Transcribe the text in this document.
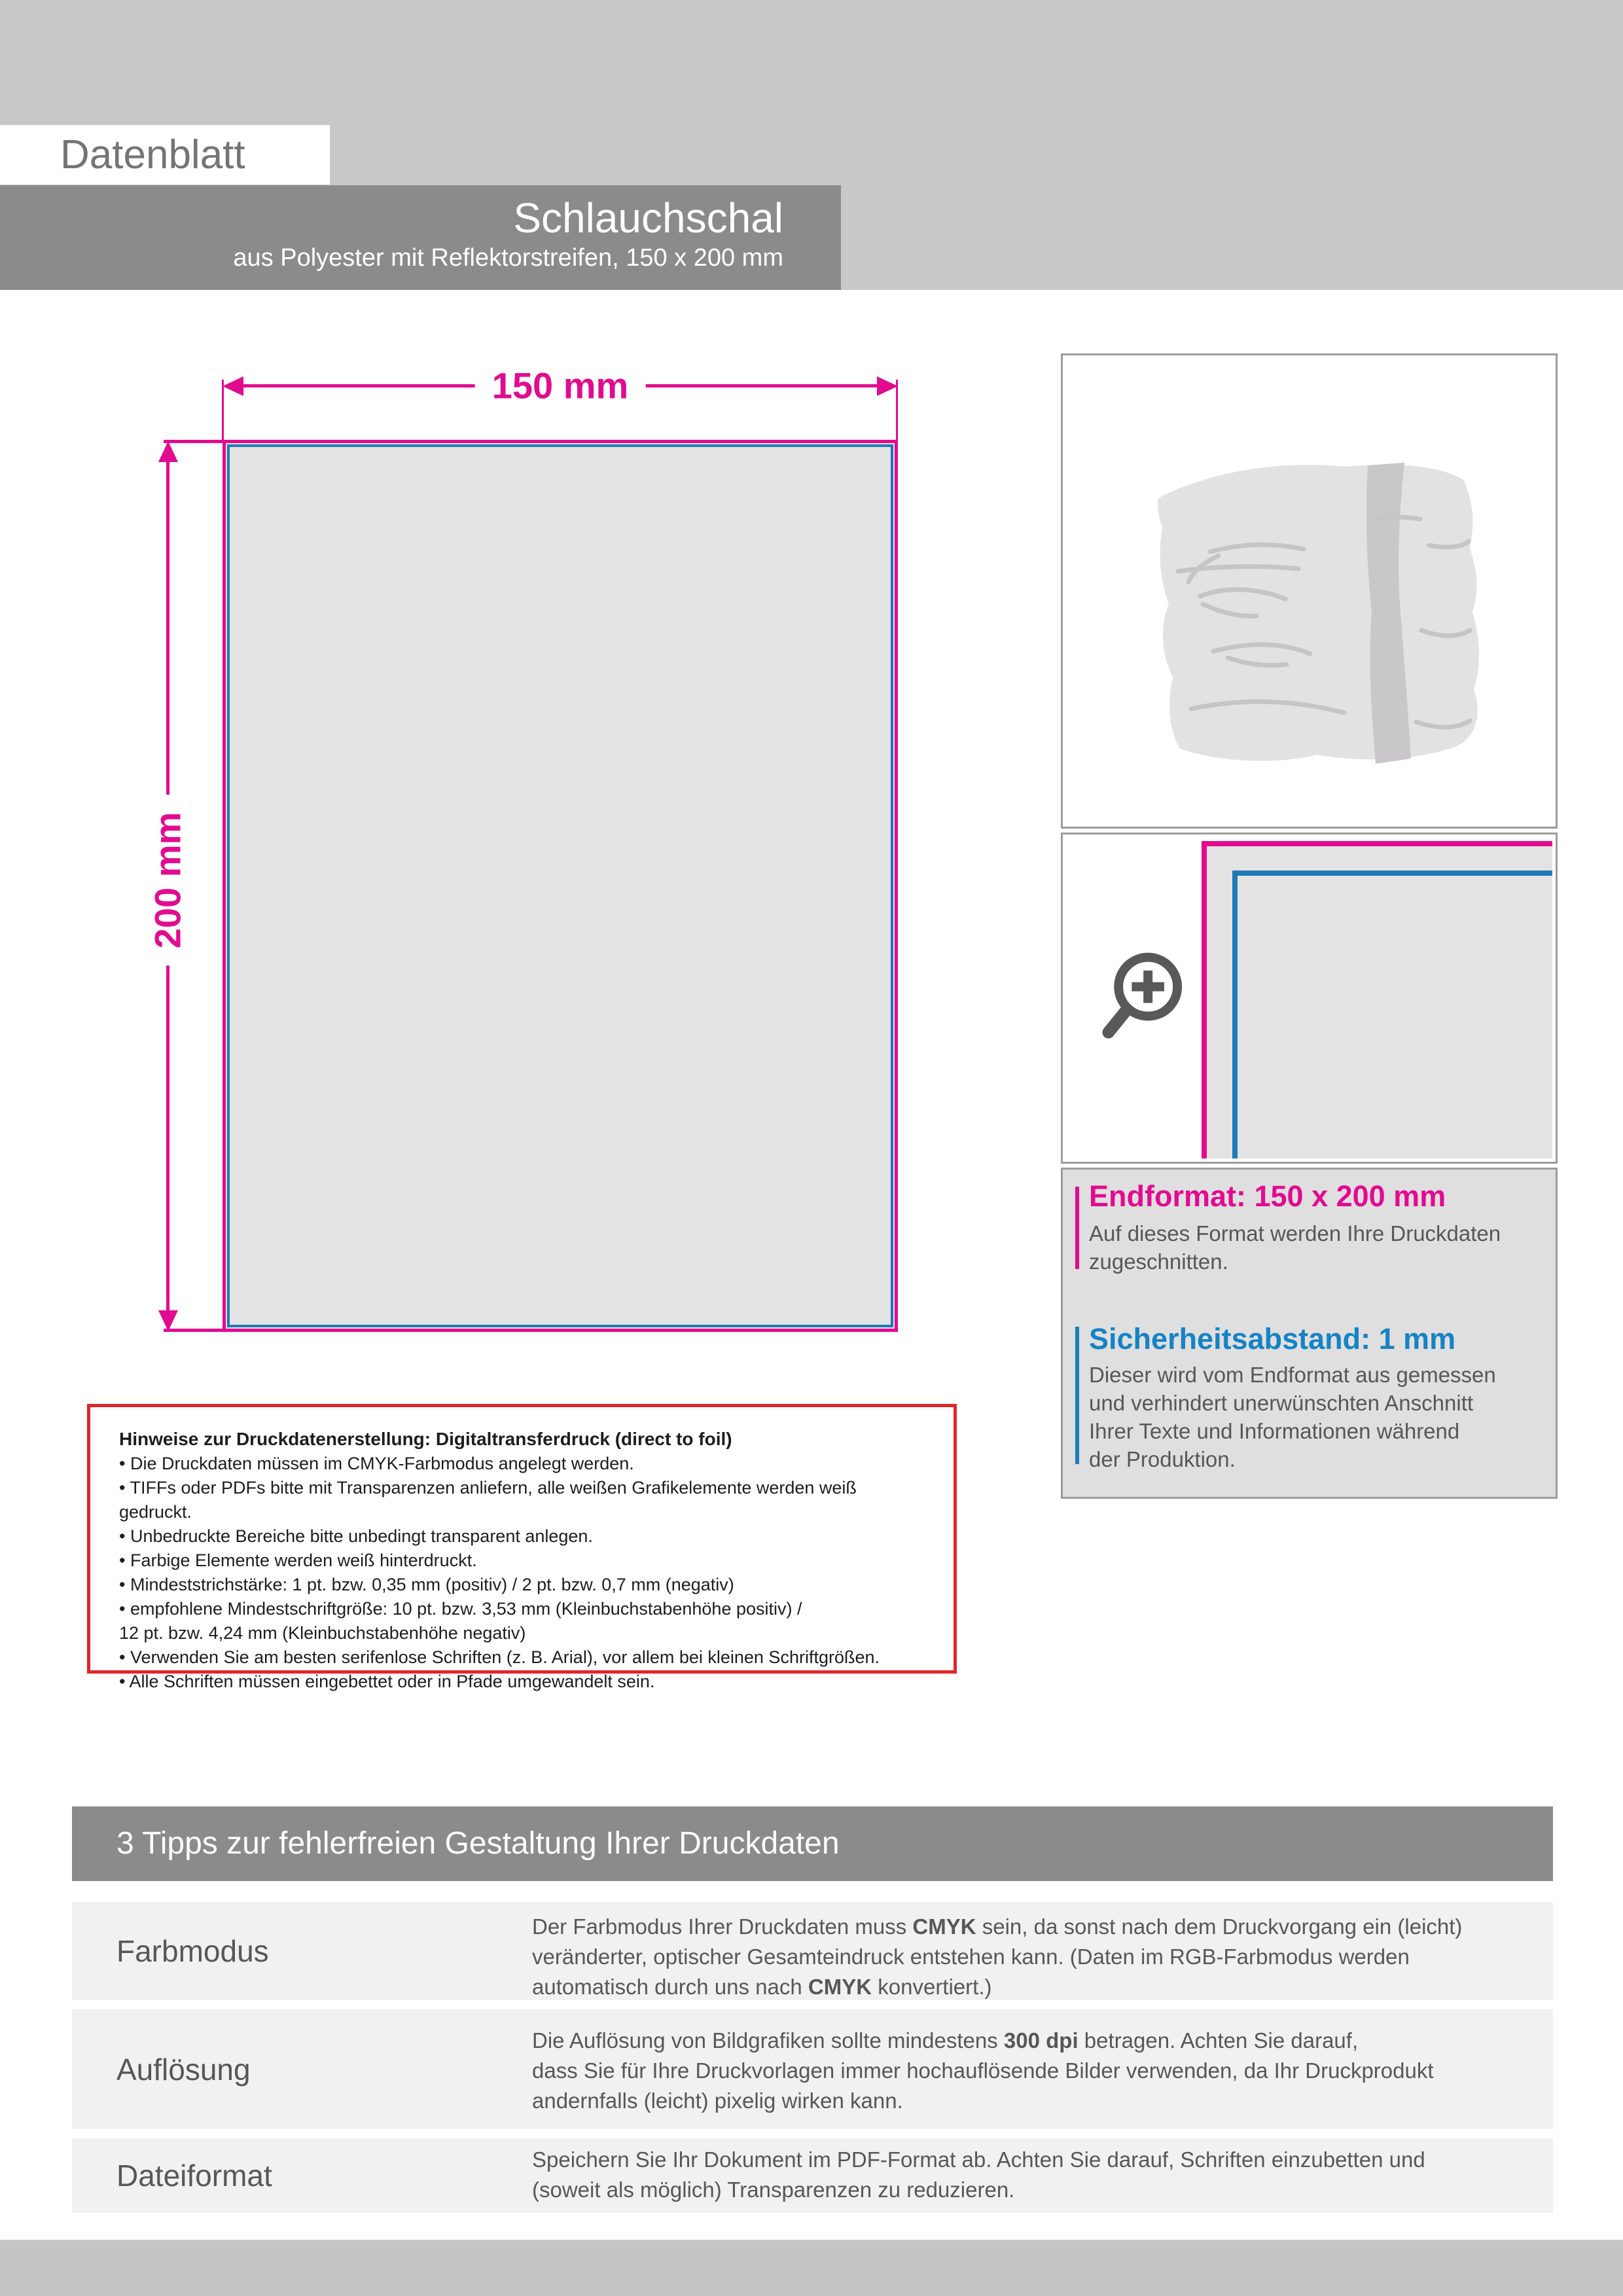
Datenblatt
Schlauchschal
aus Polyester mit Reflektorstreifen, 150 x 200 mm
150 mm
200 mm
Hinweise zur Druckdatenerstellung: Digitaltransferdruck (direct to foil)
• Die Druckdaten müssen im CMYK-Farbmodus angelegt werden.
• TIFFs oder PDFs bitte mit Transparenzen anliefern, alle weißen Grafikelemente werden weiß gedruckt.
• Unbedruckte Bereiche bitte unbedingt transparent anlegen.
• Farbige Elemente werden weiß hinterdruckt.
• Mindeststrichstärke: 1 pt. bzw. 0,35 mm (positiv) / 2 pt. bzw. 0,7 mm (negativ)
• empfohlene Mindestschriftgröße: 10 pt. bzw. 3,53 mm (Kleinbuchstabenhöhe positiv) /
12 pt. bzw. 4,24 mm (Kleinbuchstabenhöhe negativ)
• Verwenden Sie am besten serifenlose Schriften (z. B. Arial), vor allem bei kleinen Schriftgrößen.
• Alle Schriften müssen eingebettet oder in Pfade umgewandelt sein.
Endformat: 150 x 200 mm
Auf dieses Format werden Ihre Druckdaten
zugeschnitten.
Sicherheitsabstand: 1 mm
Dieser wird vom Endformat aus gemessen
und verhindert unerwünschten Anschnitt
Ihrer Texte und Informationen während
der Produktion.
3 Tipps zur fehlerfreien Gestaltung Ihrer Druckdaten
Farbmodus
Der Farbmodus Ihrer Druckdaten muss CMYK sein, da sonst nach dem Druckvorgang ein (leicht)
veränderter, optischer Gesamteindruck entstehen kann. (Daten im RGB-Farbmodus werden
automatisch durch uns nach CMYK konvertiert.)
Auflösung
Die Auflösung von Bildgrafiken sollte mindestens 300 dpi betragen. Achten Sie darauf,
dass Sie für Ihre Druckvorlagen immer hochauflösende Bilder verwenden, da Ihr Druckprodukt
andernfalls (leicht) pixelig wirken kann.
Dateiformat	Speichern Sie Ihr Dokument im PDF-Format ab. Achten Sie darauf, Schriften einzubetten und
(soweit als möglich) Transparenzen zu reduzieren.
